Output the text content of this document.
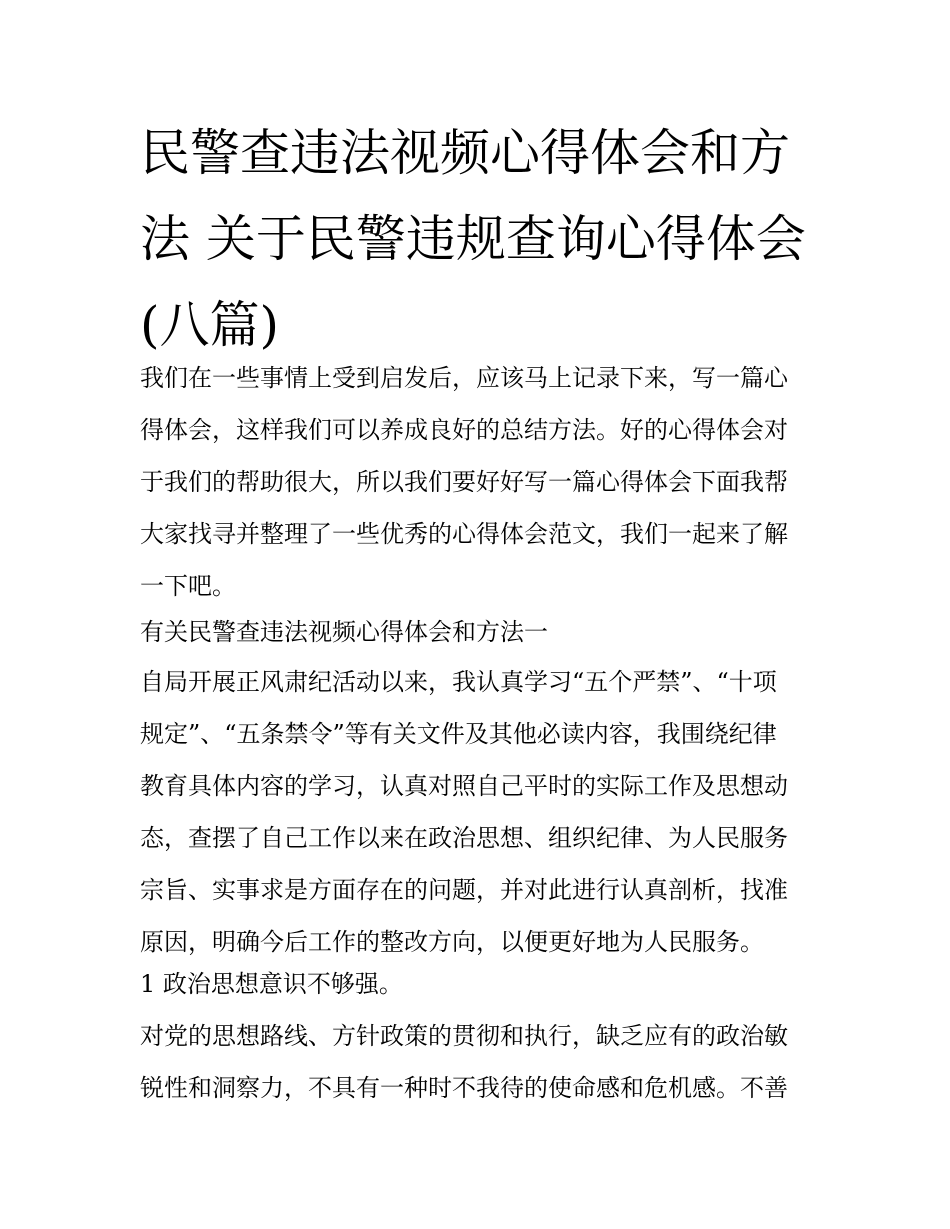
民警查违法视频心得体会和方
法 关于民警违规查询心得体会
(八篇)
我们在一些事情上受到启发后，应该马上记录下来，写一篇心
得体会，这样我们可以养成良好的总结方法。好的心得体会对
于我们的帮助很大，所以我们要好好写一篇心得体会下面我帮
大家找寻并整理了一些优秀的心得体会范文，我们一起来了解
一下吧。

有关民警查违法视频心得体会和方法一

自局开展正风肃纪活动以来，我认真学习“五个严禁”、“十项
规定”、“五条禁令”等有关文件及其他必读内容，我围绕纪律
教育具体内容的学习，认真对照自己平时的实际工作及思想动
态，查摆了自己工作以来在政治思想、组织纪律、为人民服务
宗旨、实事求是方面存在的问题，并对此进行认真剖析，找准
原因，明确今后工作的整改方向，以便更好地为人民服务。

1 政治思想意识不够强。

对党的思想路线、方针政策的贯彻和执行，缺乏应有的政治敏
锐性和洞察力，不具有一种时不我待的使命感和危机感。不善
